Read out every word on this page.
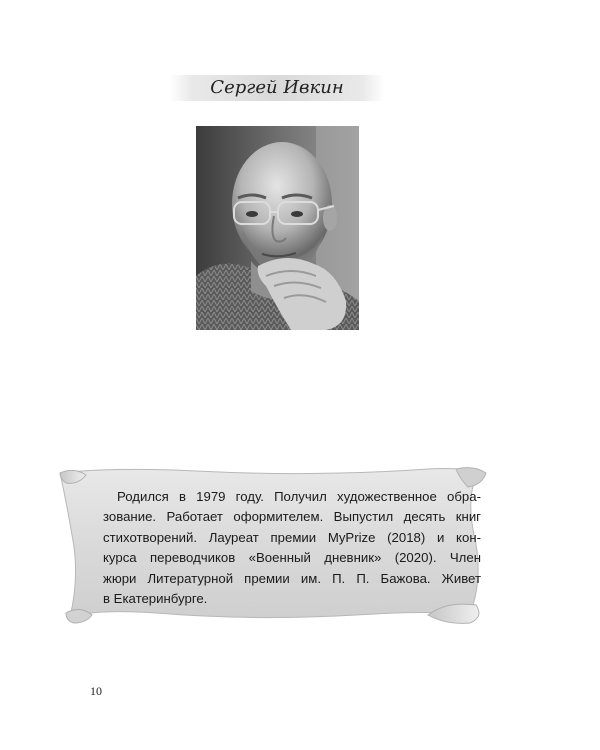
Сергей Ивкин

Родился в 1979 году. Получил художественное обра-
зование. Работает оформителем. Выпустил десять книг
стихотворений. Лауреат премии MyPrize (2018) и кон-
курса переводчиков «Военный дневник» (2020). Член
жюри Литературной премии им. П. П. Бажова. Живет
в Екатеринбурге.

10
